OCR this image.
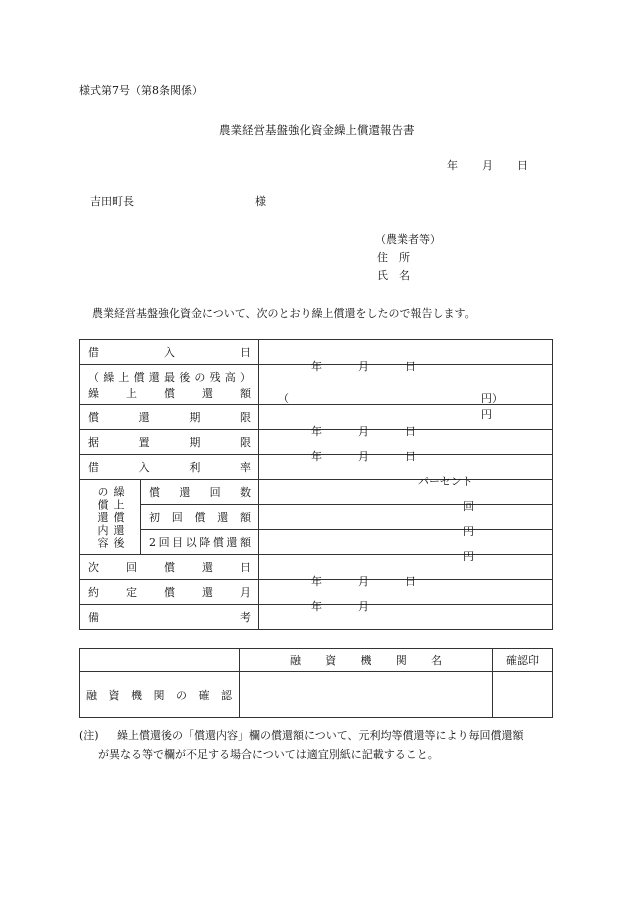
様式第7号（第8条関係）
農業経営基盤強化資金繰上償還報告書
年 月 日
吉田町長	様
（農業者等）
住　所
氏　名
農業経営基盤強化資金について、次のとおり繰上償還をしたので報告します。
借入日		年 月 日

（繰上償還最後の残高）
繰上償還額		（ 円）
円

償還期限		年 月 日

据置期限		年 月 日

借入利率		パーセント

繰上償還後
の償還内容	償還回数	回

	初回償還額	円

	2回目以降償還額	円

次回償還日		年 月 日

約定償還月		年 月

備考		
	融資機関名	確認印
融資機関の確認		
(注) 繰上償還後の「償還内容」欄の償還額について、元利均等償還等により毎回償還額
が異なる等で欄が不足する場合については適宜別紙に記載すること。
